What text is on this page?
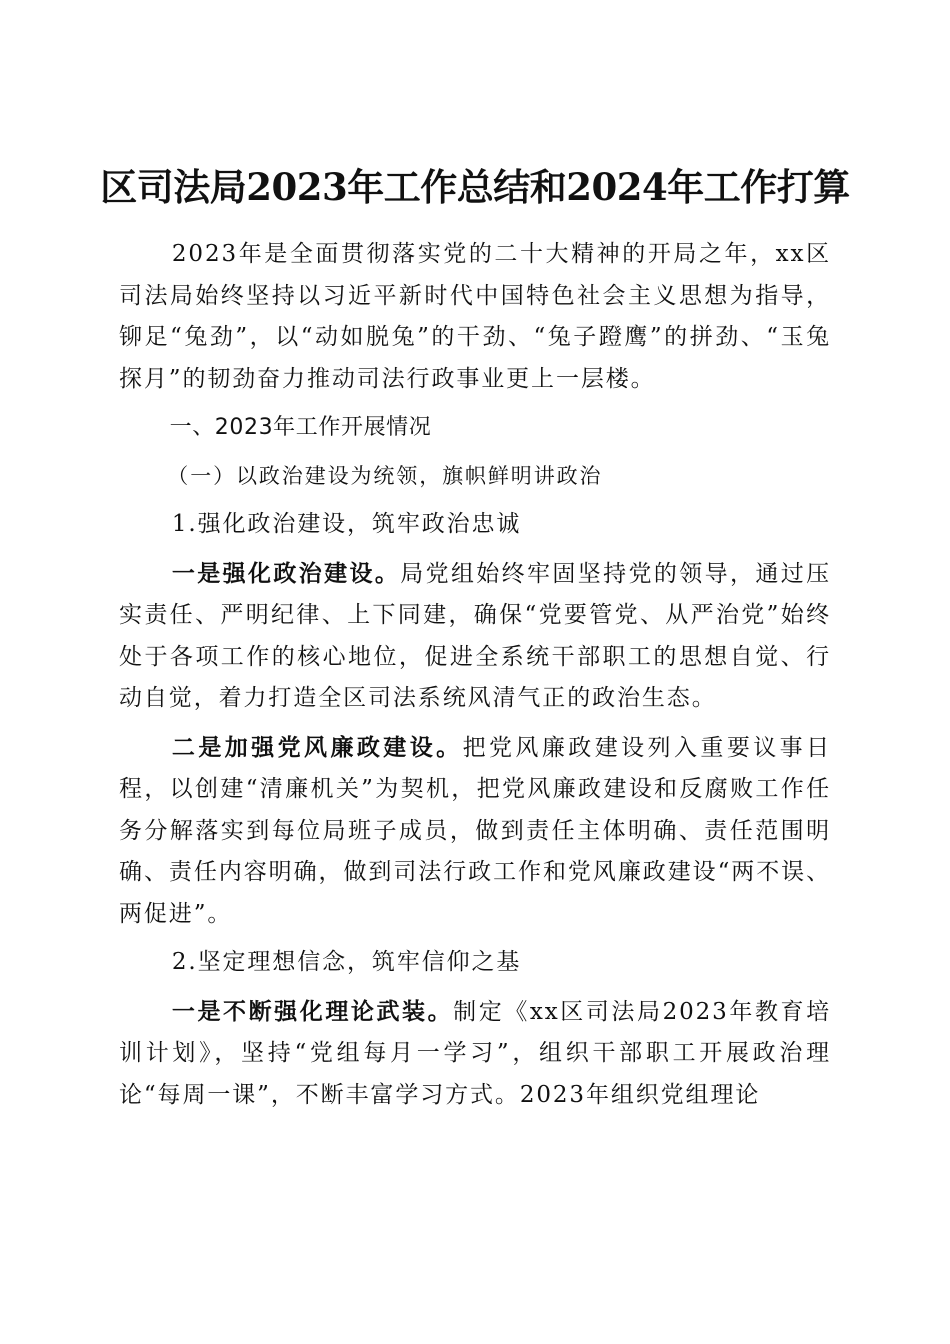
区司法局2023年工作总结和2024年工作打算

2023年是全面贯彻落实党的二十大精神的开局之年，xx区司法局始终坚持以习近平新时代中国特色社会主义思想为指导，铆足“兔劲”，以“动如脱兔”的干劲、“兔子蹬鹰”的拼劲、“玉兔探月”的韧劲奋力推动司法行政事业更上一层楼。

一、2023年工作开展情况

（一）以政治建设为统领，旗帜鲜明讲政治

1.强化政治建设，筑牢政治忠诚

一是强化政治建设。局党组始终牢固坚持党的领导，通过压实责任、严明纪律、上下同建，确保“党要管党、从严治党”始终处于各项工作的核心地位，促进全系统干部职工的思想自觉、行动自觉，着力打造全区司法系统风清气正的政治生态。

二是加强党风廉政建设。把党风廉政建设列入重要议事日程，以创建“清廉机关”为契机，把党风廉政建设和反腐败工作任务分解落实到每位局班子成员，做到责任主体明确、责任范围明确、责任内容明确，做到司法行政工作和党风廉政建设“两不误、两促进”。

2.坚定理想信念，筑牢信仰之基

一是不断强化理论武装。制定《xx区司法局2023年教育培训计划》，坚持“党组每月一学习”，组织干部职工开展政治理论“每周一课”，不断丰富学习方式。2023年组织党组理论
